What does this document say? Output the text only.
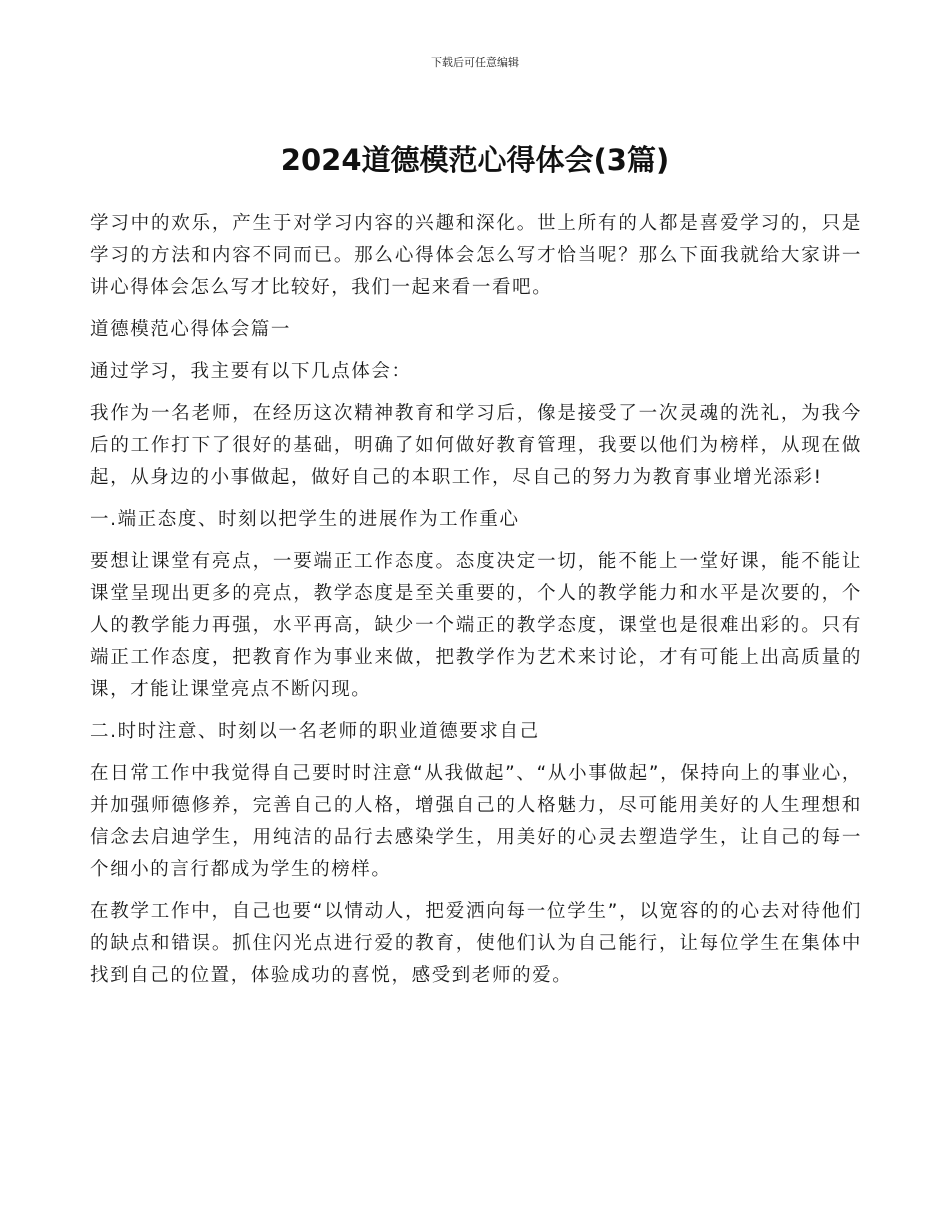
下载后可任意编辑
2024道德模范心得体会(3篇)

学习中的欢乐，产生于对学习内容的兴趣和深化。世上所有的人都是喜爱学习的，只是学习的方法和内容不同而已。那么心得体会怎么写才恰当呢？那么下面我就给大家讲一讲心得体会怎么写才比较好，我们一起来看一看吧。

道德模范心得体会篇一

通过学习，我主要有以下几点体会：

我作为一名老师，在经历这次精神教育和学习后，像是接受了一次灵魂的洗礼，为我今后的工作打下了很好的基础，明确了如何做好教育管理，我要以他们为榜样，从现在做起，从身边的小事做起，做好自己的本职工作，尽自己的努力为教育事业增光添彩!

一.端正态度、时刻以把学生的进展作为工作重心

要想让课堂有亮点，一要端正工作态度。态度决定一切，能不能上一堂好课，能不能让课堂呈现出更多的亮点，教学态度是至关重要的，个人的教学能力和水平是次要的，个人的教学能力再强，水平再高，缺少一个端正的教学态度，课堂也是很难出彩的。只有端正工作态度，把教育作为事业来做，把教学作为艺术来讨论，才有可能上出高质量的课，才能让课堂亮点不断闪现。

二.时时注意、时刻以一名老师的职业道德要求自己

在日常工作中我觉得自己要时时注意“从我做起”、“从小事做起”，保持向上的事业心，并加强师德修养，完善自己的人格，增强自己的人格魅力，尽可能用美好的人生理想和信念去启迪学生，用纯洁的品行去感染学生，用美好的心灵去塑造学生，让自己的每一个细小的言行都成为学生的榜样。

在教学工作中，自己也要“以情动人，把爱洒向每一位学生”，以宽容的的心去对待他们的缺点和错误。抓住闪光点进行爱的教育，使他们认为自己能行，让每位学生在集体中找到自己的位置，体验成功的喜悦，感受到老师的爱。
